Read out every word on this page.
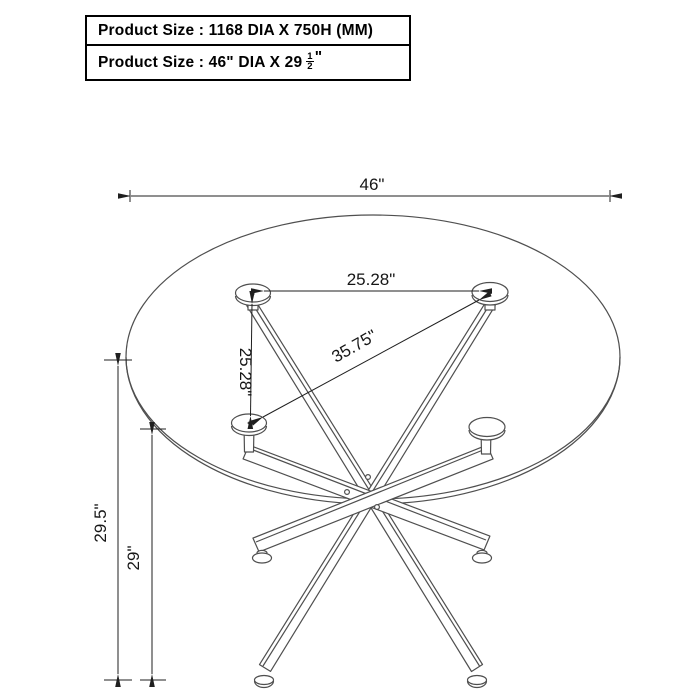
Product Size : 1168 DIA X 750H (MM)
Product Size : 46" DIA X $29 \frac{1}{2}$ "
46"
25.28"
25.28"
35.75"
29.5"
29"
